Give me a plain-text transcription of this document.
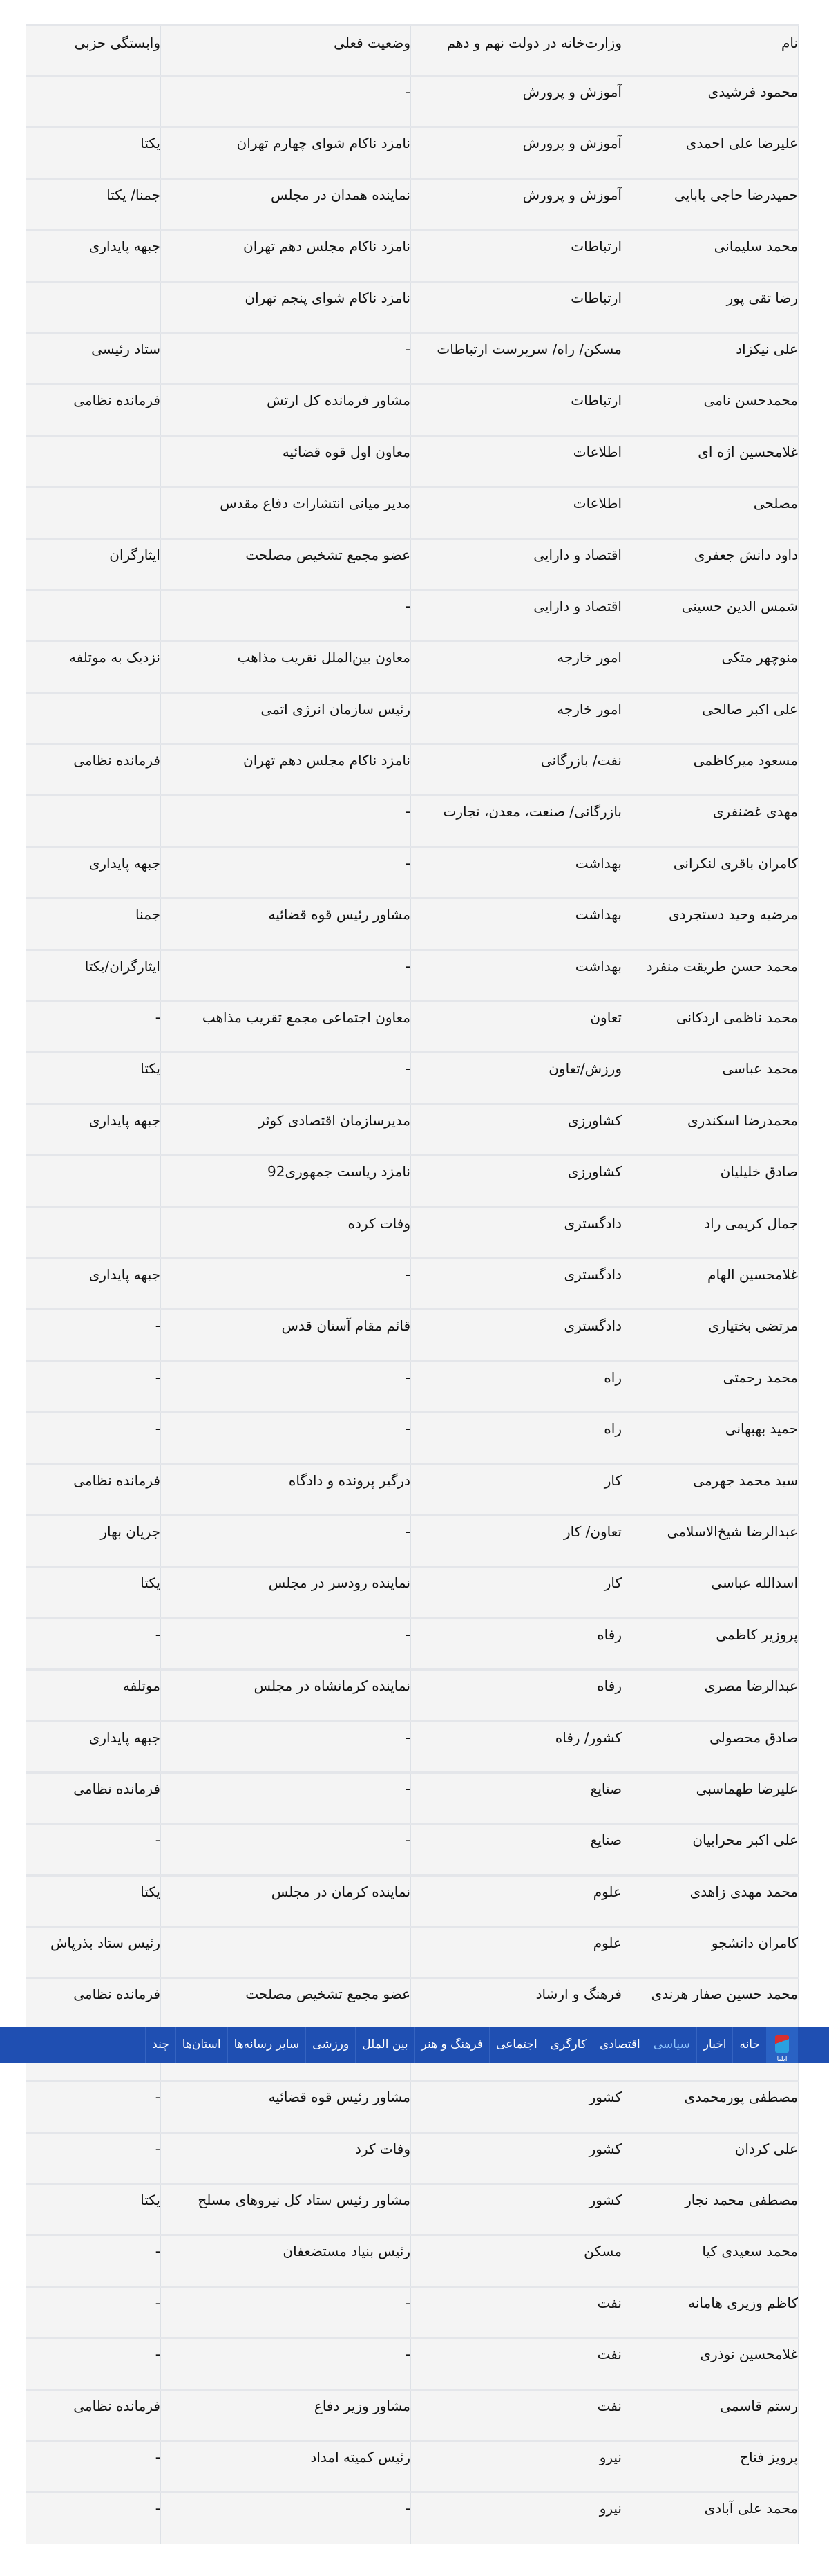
نام	وزارت‌خانه در دولت نهم و دهم	وضعیت فعلی	وابستگی حزبی
محمود فرشیدی	آموزش و پرورش	-	
علیرضا علی احمدی	آموزش و پرورش	نامزد ناکام شوای چهارم تهران	یکتا
حمیدرضا حاجی بابایی	آموزش و پرورش	نماینده همدان در مجلس	جمنا/ یکتا
محمد سلیمانی	ارتباطات	نامزد ناکام مجلس دهم تهران	جبهه پایداری
رضا تقی پور	ارتباطات	نامزد ناکام شوای پنجم تهران	
علی نیکزاد	مسکن/ راه/ سرپرست ارتباطات	-	ستاد رئیسی
محمدحسن نامی	ارتباطات	مشاور فرمانده کل ارتش	فرمانده نظامی
غلامحسین اژه ای	اطلاعات	معاون اول قوه قضائیه	
مصلحی	اطلاعات	مدیر میانی انتشارات دفاع مقدس	
داود دانش جعفری	اقتصاد و دارایی	عضو مجمع تشخیص مصلحت	ایثارگران
شمس الدین حسینی	اقتصاد و دارایی	-	
منوچهر متکی	امور خارجه	معاون بین‌الملل تقریب مذاهب	نزدیک به موتلفه
علی اکبر صالحی	امور خارجه	رئیس سازمان انرژی اتمی	
مسعود میرکاظمی	نفت/ بازرگانی	نامزد ناکام مجلس دهم تهران	فرمانده نظامی
مهدی غضنفری	بازرگانی/ صنعت، معدن، تجارت	-	
کامران باقری لنکرانی	بهداشت	-	جبهه پایداری
مرضیه وحید دستجردی	بهداشت	مشاور رئیس قوه قضائیه	جمنا
محمد حسن طریقت منفرد	بهداشت	-	ایثارگران/یکتا
محمد ناظمی اردکانی	تعاون	معاون اجتماعی مجمع تقریب مذاهب	-
محمد عباسی	ورزش/تعاون	-	یکتا
محمدرضا اسکندری	کشاورزی	مدیرسازمان اقتصادی کوثر	جبهه پایداری
صادق خلیلیان	کشاورزی	نامزد ریاست جمهوری92	
جمال کریمی راد	دادگستری	وفات کرده	
غلامحسین الهام	دادگستری	-	جبهه پایداری
مرتضی بختیاری	دادگستری	قائم مقام آستان قدس	-
محمد رحمتی	راه	-	-
حمید بهبهانی	راه	-	-
سید محمد جهرمی	کار	درگیر پرونده و دادگاه	فرمانده نظامی
عبدالرضا شیخ‌الاسلامی	تعاون/ کار	-	جریان بهار
اسدالله عباسی	کار	نماینده رودسر در مجلس	یکتا
پروزیر کاظمی	رفاه	-	-
عبدالرضا مصری	رفاه	نماینده کرمانشاه در مجلس	موتلفه
صادق محصولی	کشور/ رفاه	-	جبهه پایداری
علیرضا طهماسبی	صنایع	-	فرمانده نظامی
علی اکبر محرابیان	صنایع	-	-
محمد مهدی زاهدی	علوم	نماینده کرمان در مجلس	یکتا
کامران دانشجو	علوم		رئیس ستاد بذرپاش
محمد حسین صفار هرندی	فرهنگ و ارشاد	عضو مجمع تشخیص مصلحت	فرمانده نظامی

مصطفی پورمحمدی	کشور	مشاور رئیس قوه قضائیه	-
علی کردان	کشور	وفات کرد	-
مصطفی محمد نجار	کشور	مشاور رئیس ستاد کل نیروهای مسلح	یکتا
محمد سعیدی کیا	مسکن	رئیس بنیاد مستضعفان	-
کاظم وزیری هامانه	نفت	-	-
غلامحسین نوذری	نفت	-	-
رستم قاسمی	نفت	مشاور وزیر دفاع	فرمانده نظامی
پرویز فتاح	نیرو	رئیس کمیته امداد	-
محمد علی آبادی	نیرو	-	-
ایلنا
خانه
اخبار
سیاسی
اقتصادی
کارگری
اجتماعی
فرهنگ و هنر
بین الملل
ورزشی
سایر رسانه‌ها
استان‌ها
چند
